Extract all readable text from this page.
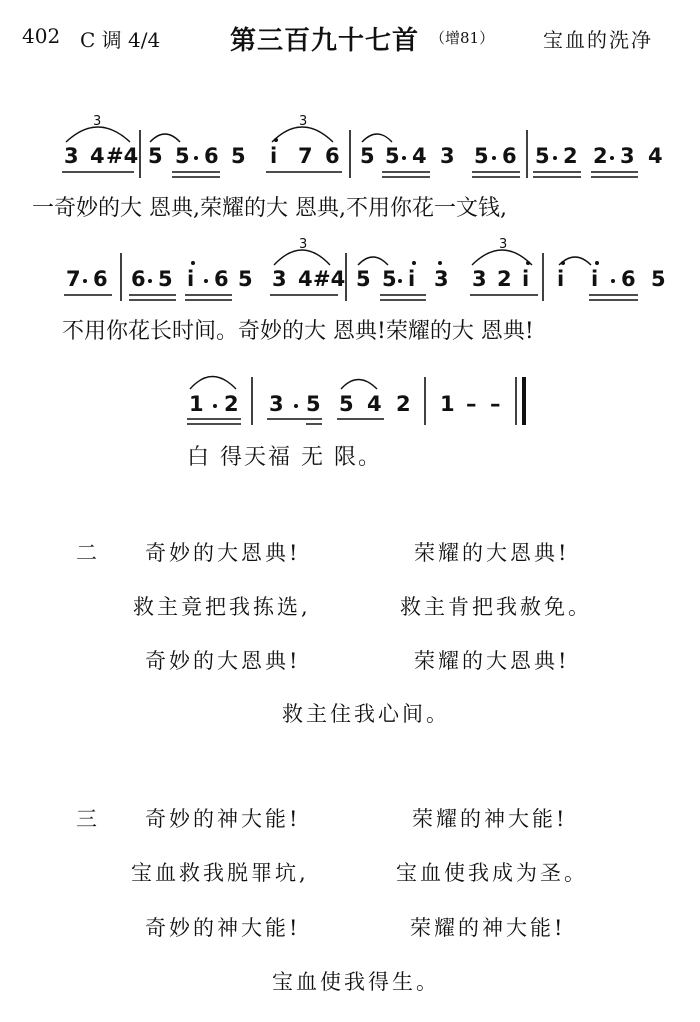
402 C 调 4/4	第三百九十七首 （增81） 宝血的洗净
3 4 #4 5 5 6 5 i 7 6 5 5 4 3 5 6 5 2 2 3 4
一奇妙的大 恩典,荣耀的大 恩典,不用你花一文钱,
7 6 6 5 i 6 5 3 4 #4 5 5 i 3 3 2 i i i 6 5
不用你花长时间。奇妙的大 恩典!荣耀的大 恩典!
1 2 3 5 5 4 2 1 – –
白 得天福 无 限。
3	3
3	3
二 奇妙的大恩典!	荣耀的大恩典!
救主竟把我拣选,	救主肯把我赦免。
奇妙的大恩典!	荣耀的大恩典!
救主住我心间。
三 奇妙的神大能!	荣耀的神大能!
宝血救我脱罪坑,	宝血使我成为圣。
奇妙的神大能!	荣耀的神大能!
宝血使我得生。
